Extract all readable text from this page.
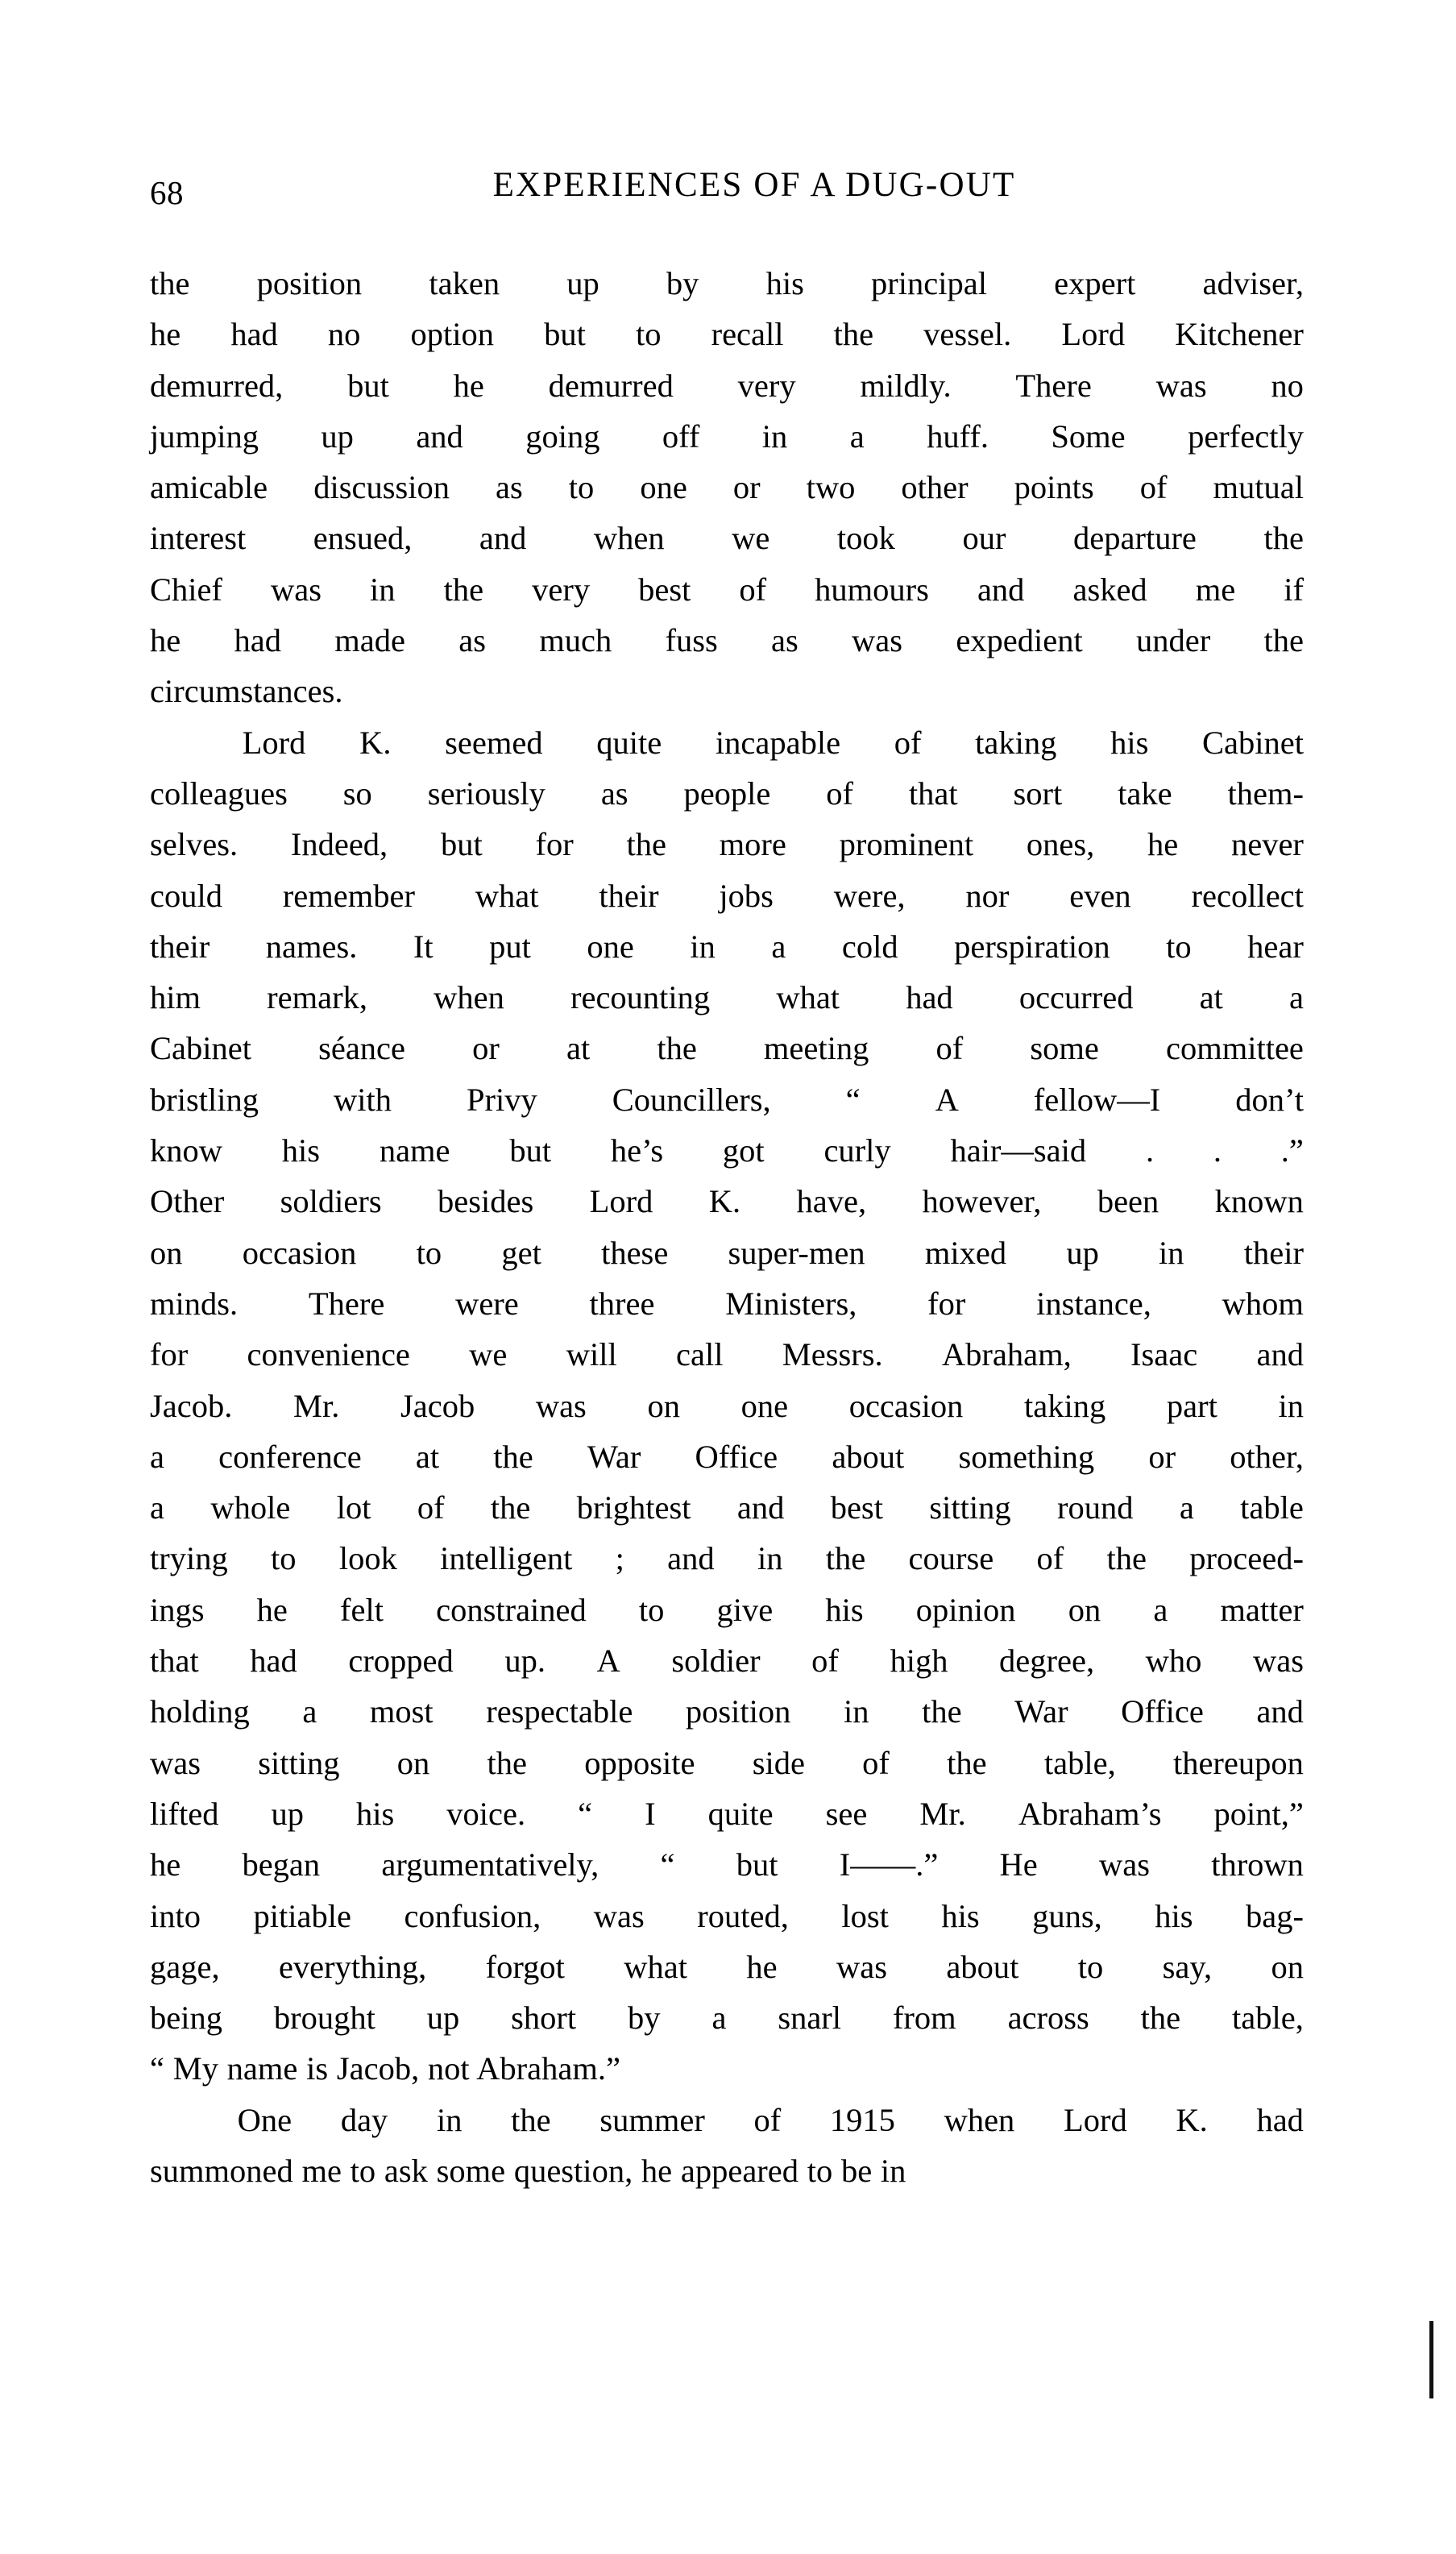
68	EXPERIENCES OF A DUG-OUT

the position taken up by his principal expert adviser,
he had no option but to recall the vessel. Lord Kitchener
demurred, but he demurred very mildly. There was no
jumping up and going off in a huff. Some perfectly
amicable discussion as to one or two other points of mutual
interest ensued, and when we took our departure the
Chief was in the very best of humours and asked me if
he had made as much fuss as was expedient under the
circumstances.

Lord K. seemed quite incapable of taking his Cabinet
colleagues so seriously as people of that sort take them-
selves. Indeed, but for the more prominent ones, he never
could remember what their jobs were, nor even recollect
their names. It put one in a cold perspiration to hear
him remark, when recounting what had occurred at a
Cabinet séance or at the meeting of some committee
bristling with Privy Councillers, “ A fellow—I don’t
know his name but he’s got curly hair—said . . .”
Other soldiers besides Lord K. have, however, been known
on occasion to get these super-men mixed up in their
minds. There were three Ministers, for instance, whom
for convenience we will call Messrs. Abraham, Isaac and
Jacob. Mr. Jacob was on one occasion taking part in
a conference at the War Office about something or other,
a whole lot of the brightest and best sitting round a table
trying to look intelligent ; and in the course of the proceed-
ings he felt constrained to give his opinion on a matter
that had cropped up. A soldier of high degree, who was
holding a most respectable position in the War Office and
was sitting on the opposite side of the table, thereupon
lifted up his voice. “ I quite see Mr. Abraham’s point,”
he began argumentatively, “ but I——.” He was thrown
into pitiable confusion, was routed, lost his guns, his bag-
gage, everything, forgot what he was about to say, on
being brought up short by a snarl from across the table,
“ My name is Jacob, not Abraham.”

One day in the summer of 1915 when Lord K. had
summoned me to ask some question, he appeared to be in
